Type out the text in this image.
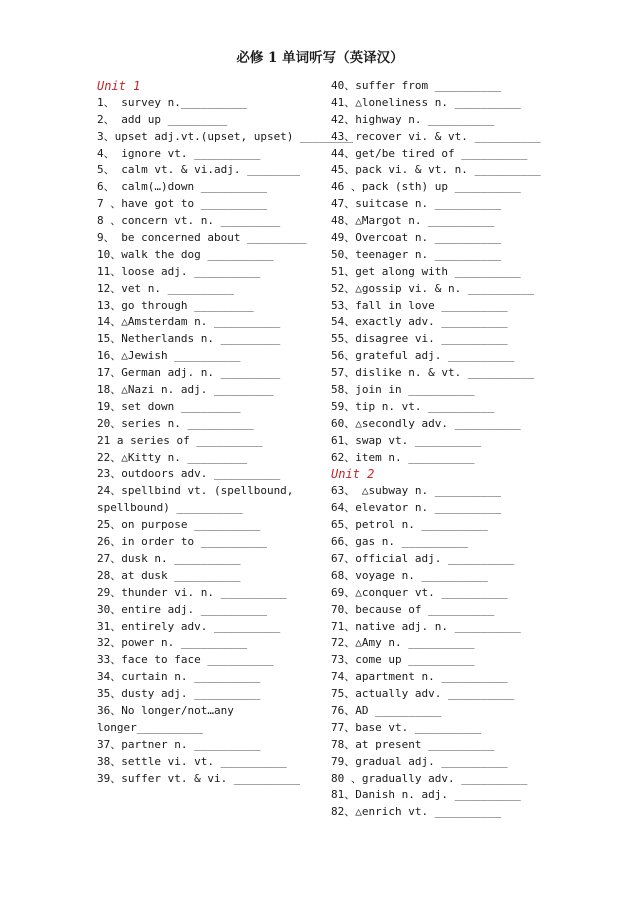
必修 1 单词听写（英译汉）
Unit 1
1、 survey n.__________
2、 add up _________
3、upset adj.vt.(upset, upset) ________
4、 ignore vt. __________
5、 calm vt. & vi.adj. ________
6、 calm(…)down __________
7 、have got to __________
8 、concern vt. n. _________
9、 be concerned about _________
10、walk the dog __________
11、loose adj. __________
12、vet n. __________
13、go through _________
14、△Amsterdam n. __________
15、Netherlands n. _________
16、△Jewish __________
17、German adj. n. _________
18、△Nazi n. adj. _________
19、set down _________
20、series n. __________
21 a series of __________
22、△Kitty n. _________
23、outdoors adv. __________
24、spellbind vt. (spellbound, spellbound) __________
25、on purpose __________
26、in order to __________
27、dusk n. __________
28、at dusk __________
29、thunder vi. n. __________
30、entire adj. __________
31、entirely adv. __________
32、power n. __________
33、face to face __________
34、curtain n. __________
35、dusty adj. __________
36、No longer/not…any longer__________
37、partner n. __________
38、settle vi. vt. __________
39、suffer vt. & vi. __________
40、suffer from __________
41、△loneliness n. __________
42、highway n. __________
43、recover vi. & vt. __________
44、get/be tired of __________
45、pack vi. & vt. n. __________
46 、pack (sth) up __________
47、suitcase n. __________
48、△Margot n. __________
49、Overcoat n. __________
50、teenager n. __________
51、get along with __________
52、△gossip vi. & n. __________
53、fall in love __________
54、exactly adv. __________
55、disagree vi. __________
56、grateful adj. __________
57、dislike n. & vt. __________
58、join in __________
59、tip n. vt. __________
60、△secondly adv. __________
61、swap vt. __________
62、item n. __________
Unit 2
63、 △subway n. __________
64、elevator n. __________
65、petrol n. __________
66、gas n. __________
67、official adj. __________
68、voyage n. __________
69、△conquer vt. __________
70、because of __________
71、native adj. n. __________
72、△Amy n. __________
73、come up __________
74、apartment n. __________
75、actually adv. __________
76、AD __________
77、base vt. __________
78、at present __________
79、gradual adj. __________
80 、gradually adv. __________
81、Danish n. adj. __________
82、△enrich vt. __________
